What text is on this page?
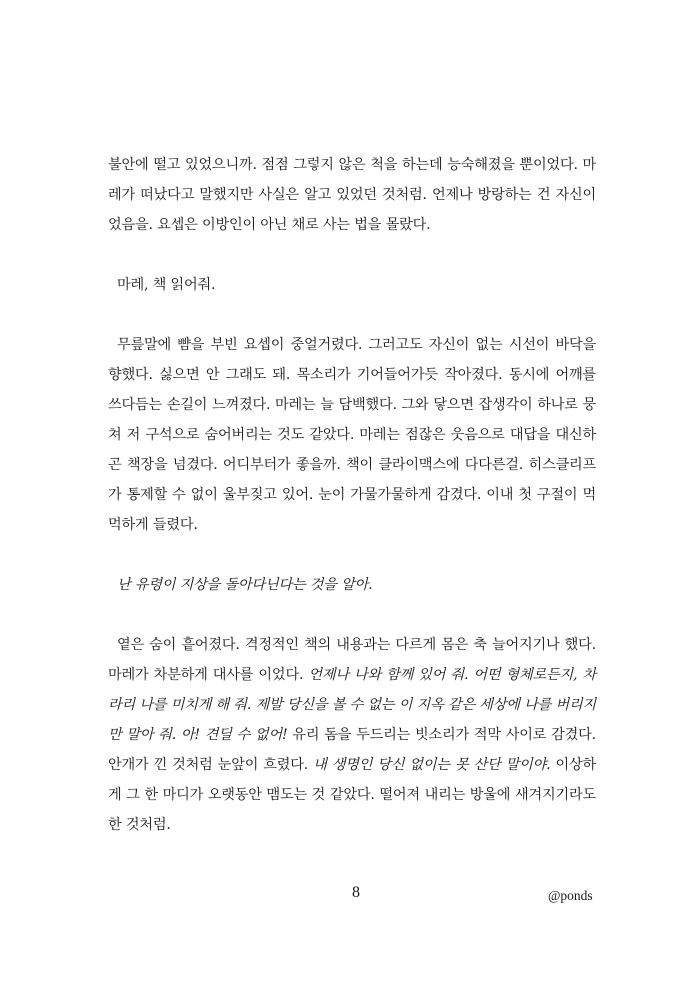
불안에 떨고 있었으니까. 점점 그렇지 않은 척을 하는데 능숙해졌을 뿐이었다. 마레가 떠났다고 말했지만 사실은 알고 있었던 것처럼. 언제나 방랑하는 건 자신이었음을. 요셉은 이방인이 아닌 채로 사는 법을 몰랐다.

마레, 책 읽어줘.

무릎말에 뺨을 부빈 요셉이 중얼거렸다. 그러고도 자신이 없는 시선이 바닥을 향했다. 싫으면 안 그래도 돼. 목소리가 기어들어가듯 작아졌다. 동시에 어깨를 쓰다듬는 손길이 느껴졌다. 마레는 늘 담백했다. 그와 닿으면 잡생각이 하나로 뭉쳐 저 구석으로 숨어버리는 것도 같았다. 마레는 점잖은 웃음으로 대답을 대신하곤 책장을 넘겼다. 어디부터가 좋을까. 책이 클라이맥스에 다다른걸. 히스클리프가 통제할 수 없이 울부짖고 있어. 눈이 가물가물하게 감겼다. 이내 첫 구절이 먹먹하게 들렸다.

난 유령이 지상을 돌아다닌다는 것을 알아.

옅은 숨이 흩어졌다. 격정적인 책의 내용과는 다르게 몸은 축 늘어지기나 했다. 마레가 차분하게 대사를 이었다. 언제나 나와 함께 있어 줘. 어떤 형체로든지, 차라리 나를 미치게 해 줘. 제발 당신을 볼 수 없는 이 지옥 같은 세상에 나를 버리지만 말아 줘. 아! 견딜 수 없어! 유리 돔을 두드리는 빗소리가 적막 사이로 감겼다. 안개가 낀 것처럼 눈앞이 흐렸다. 내 생명인 당신 없이는 못 산단 말이야. 이상하게 그 한 마디가 오랫동안 맴도는 것 같았다. 떨어져 내리는 방울에 새겨지기라도 한 것처럼.

8	@ponds
